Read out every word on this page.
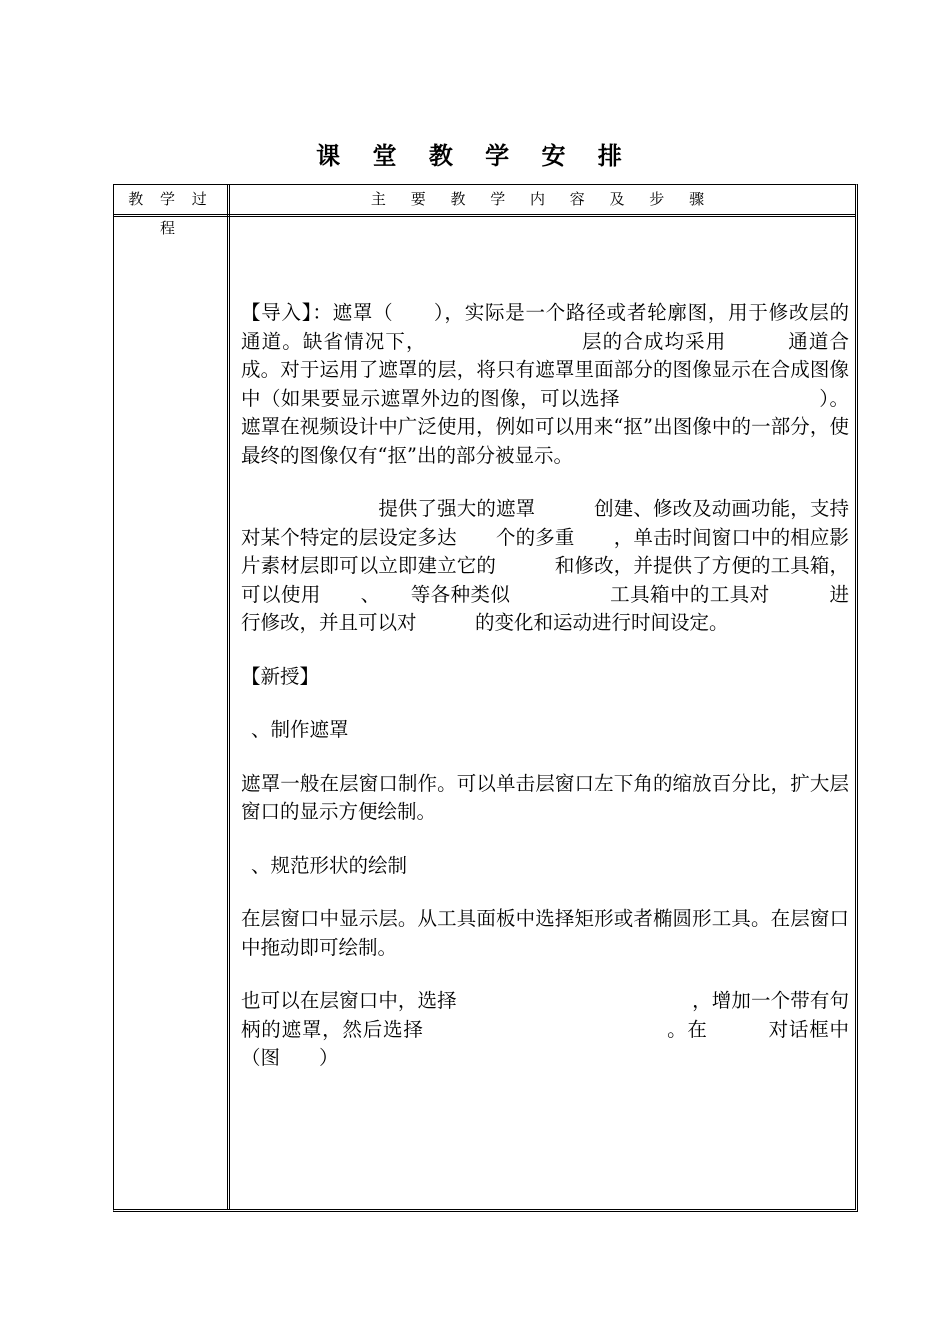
课 堂 教 学 安 排
教 学 过 程
主 要 教 学 内 容 及 步 骤

【导入】：遮罩（　　），实际是一个路径或者轮廓图，用于修改层的　　　通道。缺省情况下，　　　　　　　　层的合成均采用　　　通道合成。对于运用了遮罩的层，将只有遮罩里面部分的图像显示在合成图像中（如果要显示遮罩外边的图像，可以选择　　　　　　　　　　）。遮罩在视频设计中广泛使用，例如可以用来“抠”出图像中的一部分，使最终的图像仅有“抠”出的部分被显示。

　　　　　　　提供了强大的遮罩　　　创建、修改及动画功能，支持对某个特定的层设定多达　　个的多重　　，单击时间窗口中的相应影片素材层即可以立即建立它的　　　和修改，并提供了方便的工具箱，可以使用　　、　　等各种类似　　　　　工具箱中的工具对　　　进行修改，并且可以对　　　的变化和运动进行时间设定。

【新授】

、制作遮罩

遮罩一般在层窗口制作。可以单击层窗口左下角的缩放百分比，扩大层窗口的显示方便绘制。

、规范形状的绘制

在层窗口中显示层。从工具面板中选择矩形或者椭圆形工具。在层窗口中拖动即可绘制。

也可以在层窗口中，选择　　　　　　　　　　　　，增加一个带有句柄的遮罩，然后选择　　　　　　　　　　　　。在　　　对话框中（图　　）
